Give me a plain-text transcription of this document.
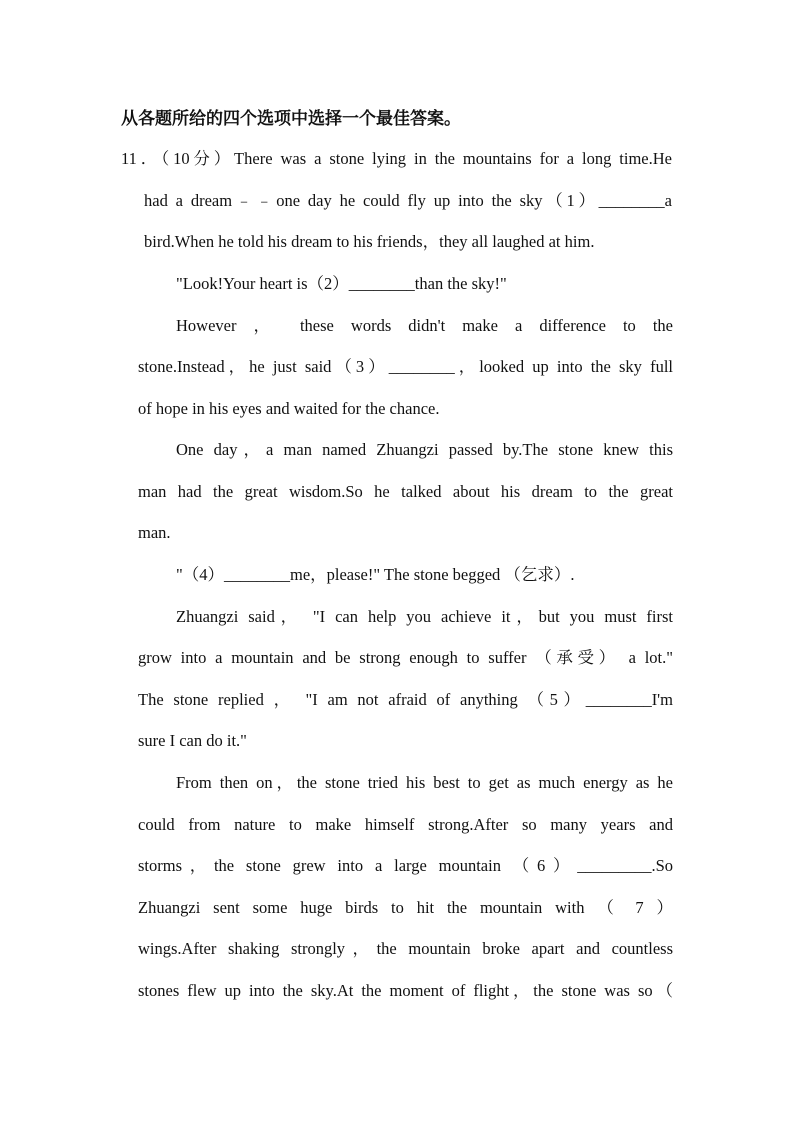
从各题所给的四个选项中选择一个最佳答案。
11．（10分）There was a stone lying in the mountains for a long time.He
had a dream﹣﹣one day he could fly up into the sky（1）________a
bird.When he told his dream to his friends，they all laughed at him.
"Look!Your heart is（2）________than the sky!"
However ， these words didn't make a difference to the
stone.Instead，he just said（3）________，looked up into the sky full
of hope in his eyes and waited for the chance.
One day，a man named Zhuangzi passed by.The stone knew this
man had the great wisdom.So he talked about his dream to the great
man.
"（4）________me，please!" The stone begged （乞求）.
Zhuangzi said， "I can help you achieve it，but you must first
grow into a mountain and be strong enough to suffer （承受） a lot."
The stone replied ， "I am not afraid of anything （5）________I'm
sure I can do it."
From then on，the stone tried his best to get as much energy as he
could from nature to make himself strong.After so many years and
storms，the stone grew into a large mountain （6）_________.So
Zhuangzi sent some huge birds to hit the mountain with （ 7 ）
wings.After shaking strongly，the mountain broke apart and countless
stones flew up into the sky.At the moment of flight，the stone was so（
